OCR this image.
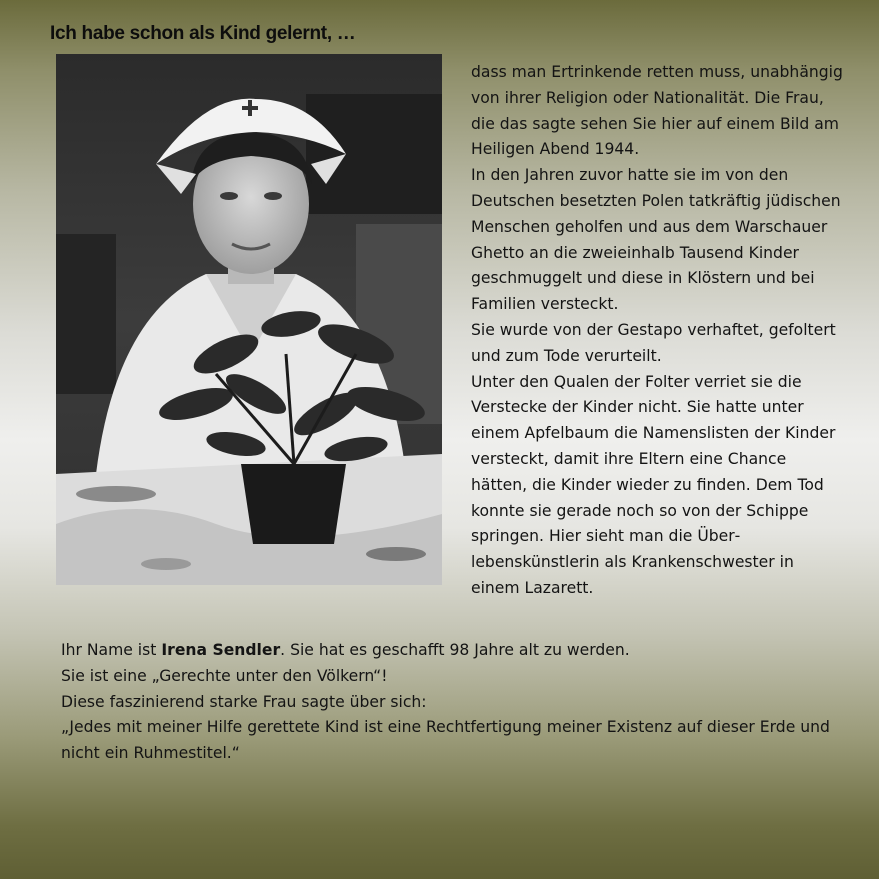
Ich habe schon als Kind gelernt, …

dass man Ertrinkende retten muss, unabhängig von ihrer Religion oder Nationalität. Die Frau, die das sagte sehen Sie hier auf einem Bild am Heiligen Abend 1944.

In den Jahren zuvor hatte sie im von den Deutschen besetzten Polen tatkräftig jüdischen Menschen geholfen und aus dem Warschauer Ghetto an die zweieinhalb Tausend Kinder geschmuggelt und diese in Klöstern und bei Familien versteckt.

Sie wurde von der Gestapo verhaftet, gefoltert und zum Tode verurteilt.

Unter den Qualen der Folter verriet sie die Verstecke der Kinder nicht. Sie hatte unter einem Apfelbaum die Namenslisten der Kinder versteckt, damit ihre Eltern eine Chance hätten, die Kinder wieder zu finden. Dem Tod konnte sie gerade noch so von der Schippe springen. Hier sieht man die Überlebenskünstlerin als Krankenschwester in einem Lazarett.

Ihr Name ist Irena Sendler. Sie hat es geschafft 98 Jahre alt zu werden.

Sie ist eine „Gerechte unter den Völkern“!

Diese faszinierend starke Frau sagte über sich:

„Jedes mit meiner Hilfe gerettete Kind ist eine Rechtfertigung meiner Existenz auf dieser Erde und nicht ein Ruhmestitel.“
